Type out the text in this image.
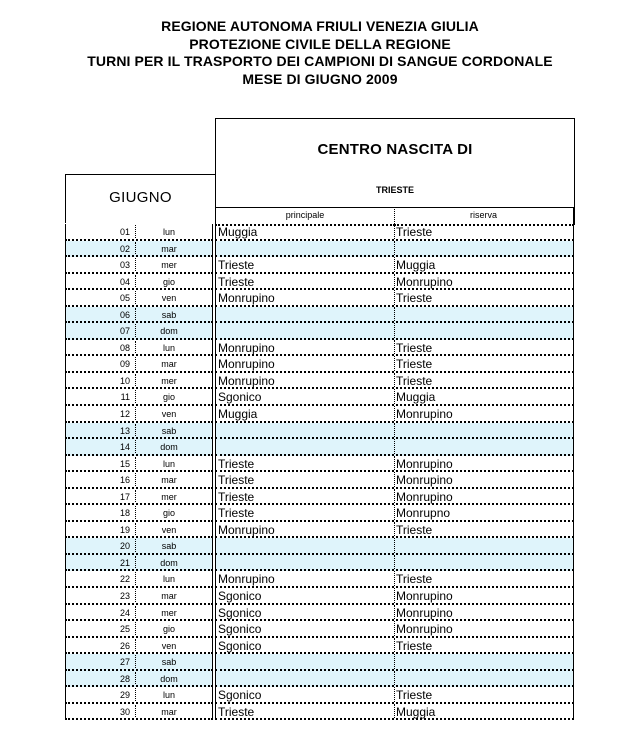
REGIONE AUTONOMA FRIULI VENEZIA GIULIA
PROTEZIONE CIVILE DELLA REGIONE
TURNI PER IL TRASPORTO DEI CAMPIONI DI SANGUE CORDONALE
MESE DI GIUGNO 2009
GIUGNO
CENTRO NASCITA DI
TRIESTE
principale	riserva
01	lun	Muggia	Trieste
02	mar
03	mer	Trieste	Muggia
04	gio	Trieste	Monrupino
05	ven	Monrupino	Trieste
06	sab
07	dom
08	lun	Monrupino	Trieste
09	mar	Monrupino	Trieste
10	mer	Monrupino	Trieste
11	gio	Sgonico	Muggia
12	ven	Muggia	Monrupino
13	sab
14	dom
15	lun	Trieste	Monrupino
16	mar	Trieste	Monrupino
17	mer	Trieste	Monrupino
18	gio	Trieste	Monrupno
19	ven	Monrupino	Trieste
20	sab
21	dom
22	lun	Monrupino	Trieste
23	mar	Sgonico	Monrupino
24	mer	Sgonico	Monrupino
25	gio	Sgonico	Monrupino
26	ven	Sgonico	Trieste
27	sab
28	dom
29	lun	Sgonico	Trieste
30	mar	Trieste	Muggia
